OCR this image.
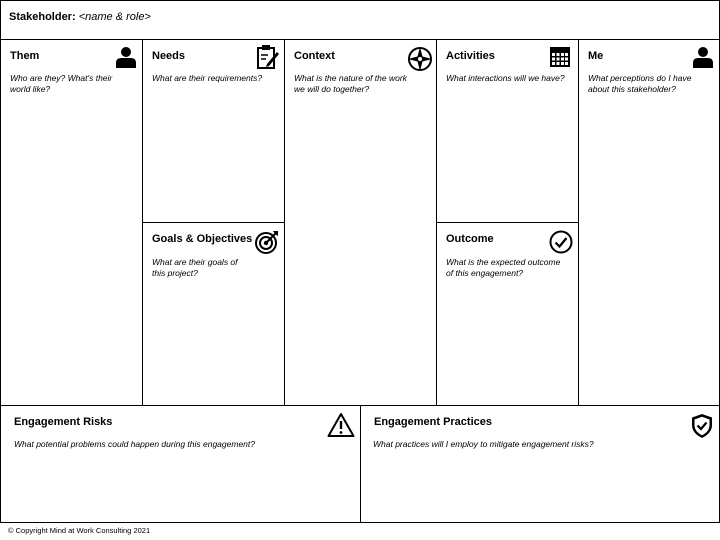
Stakeholder: <name & role>
Them
Who are they? What's their world like?
Needs
What are their requirements?
Goals & Objectives
What are their goals of this project?
Context
What is the nature of the work we will do together?
Activities
What interactions will we have?
Outcome
What is the expected outcome of this engagement?
Me
What perceptions do I have about this stakeholder?
Engagement Risks
What potential problems could happen during this engagement?
Engagement Practices
What practices will I employ to mitigate engagement risks?
© Copyright Mind at Work Consulting 2021
